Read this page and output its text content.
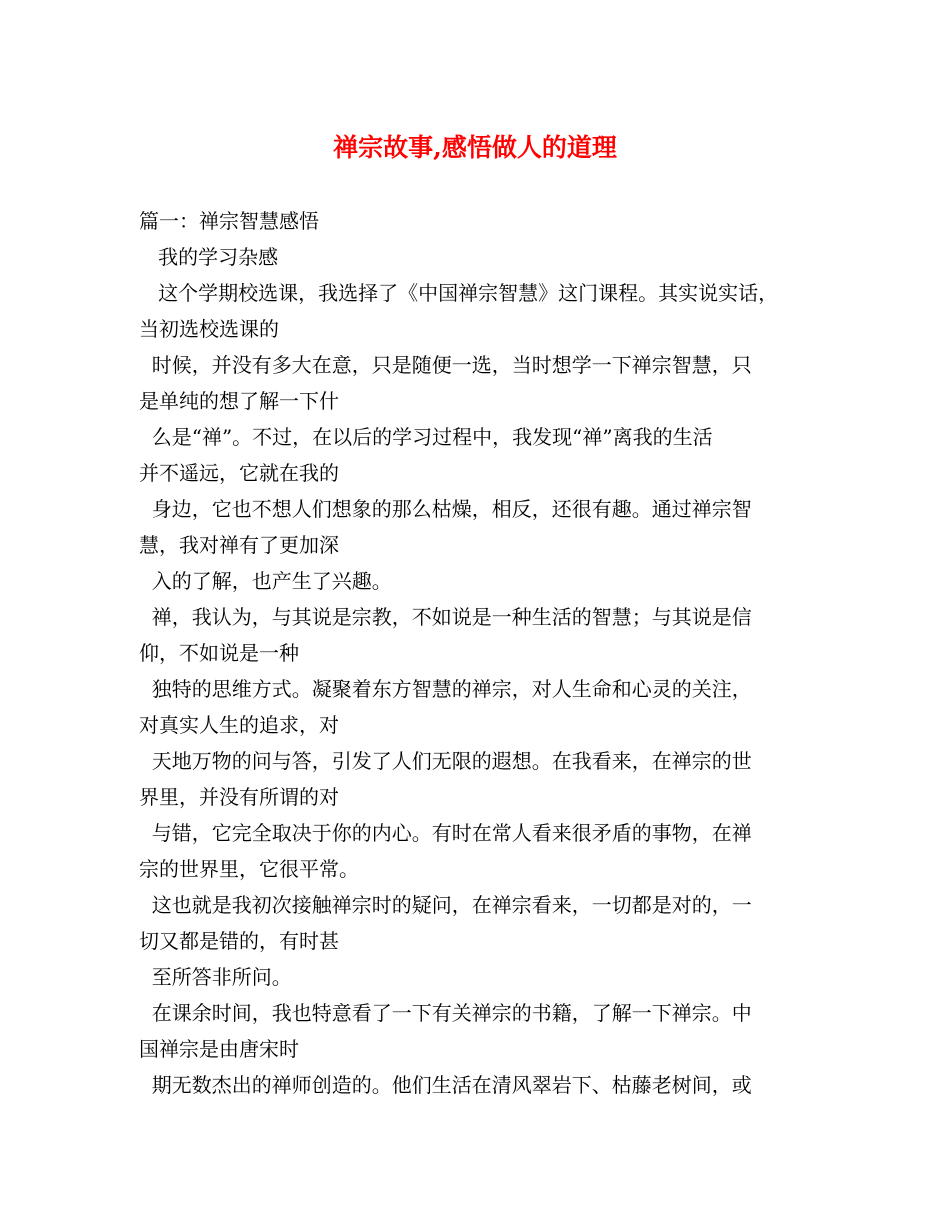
禅宗故事,感悟做人的道理
篇一：禅宗智慧感悟
我的学习杂感
这个学期校选课，我选择了《中国禅宗智慧》这门课程。其实说实话，
当初选校选课的
时候，并没有多大在意，只是随便一选，当时想学一下禅宗智慧，只
是单纯的想了解一下什
么是“禅”。不过，在以后的学习过程中，我发现“禅”离我的生活
并不遥远，它就在我的
身边，它也不想人们想象的那么枯燥，相反，还很有趣。通过禅宗智
慧，我对禅有了更加深
入的了解，也产生了兴趣。
禅，我认为，与其说是宗教，不如说是一种生活的智慧；与其说是信
仰，不如说是一种
独特的思维方式。凝聚着东方智慧的禅宗，对人生命和心灵的关注，
对真实人生的追求，对
天地万物的问与答，引发了人们无限的遐想。在我看来，在禅宗的世
界里，并没有所谓的对
与错，它完全取决于你的内心。有时在常人看来很矛盾的事物，在禅
宗的世界里，它很平常。
这也就是我初次接触禅宗时的疑问，在禅宗看来，一切都是对的，一
切又都是错的，有时甚
至所答非所问。
在课余时间，我也特意看了一下有关禅宗的书籍，了解一下禅宗。中
国禅宗是由唐宋时
期无数杰出的禅师创造的。他们生活在清风翠岩下、枯藤老树间，或
